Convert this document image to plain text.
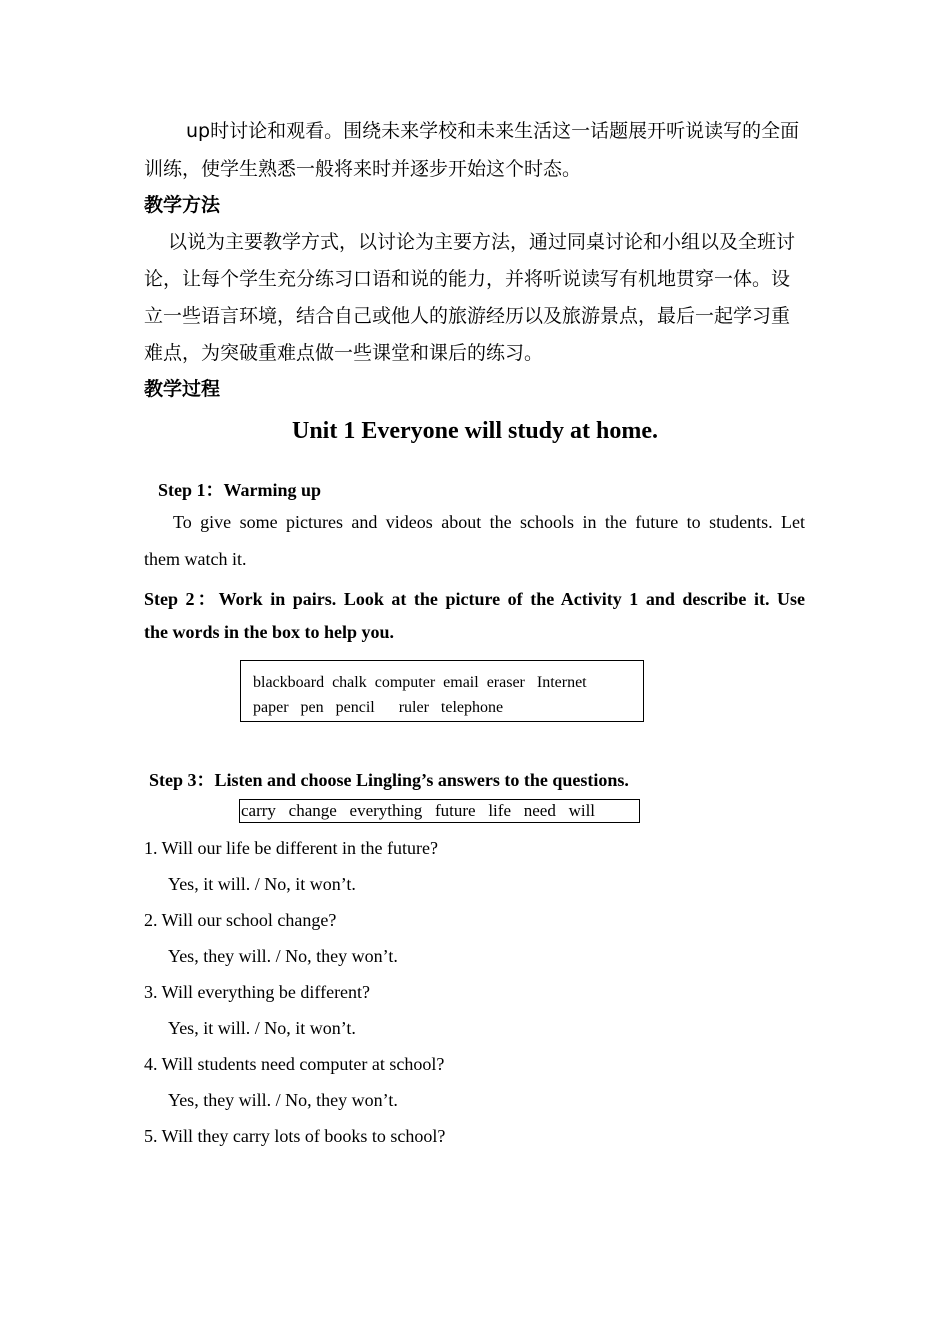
up时讨论和观看。围绕未来学校和未来生活这一话题展开听说读写的全面
训练，使学生熟悉一般将来时并逐步开始这个时态。
教学方法
以说为主要教学方式，以讨论为主要方法，通过同桌讨论和小组以及全班讨
论，让每个学生充分练习口语和说的能力，并将听说读写有机地贯穿一体。设
立一些语言环境，结合自己或他人的旅游经历以及旅游景点，最后一起学习重
难点，为突破重难点做一些课堂和课后的练习。
教学过程
Unit 1 Everyone will study at home.
Step 1：Warming up
To give some pictures and videos about the schools in the future to students. Let
them watch it.
Step 2：Work in pairs. Look at the picture of the Activity 1 and describe it. Use
the words in the box to help you.
blackboard  chalk  computer  email  eraser   Internet
paper   pen   pencil      ruler   telephone
Step 3：Listen and choose Lingling’s answers to the questions.
carry   change   everything   future   life   need   will
1. Will our life be different in the future?
Yes, it will. / No, it won’t.
2. Will our school change?
Yes, they will. / No, they won’t.
3. Will everything be different?
Yes, it will. / No, it won’t.
4. Will students need computer at school?
Yes, they will. / No, they won’t.
5. Will they carry lots of books to school?
